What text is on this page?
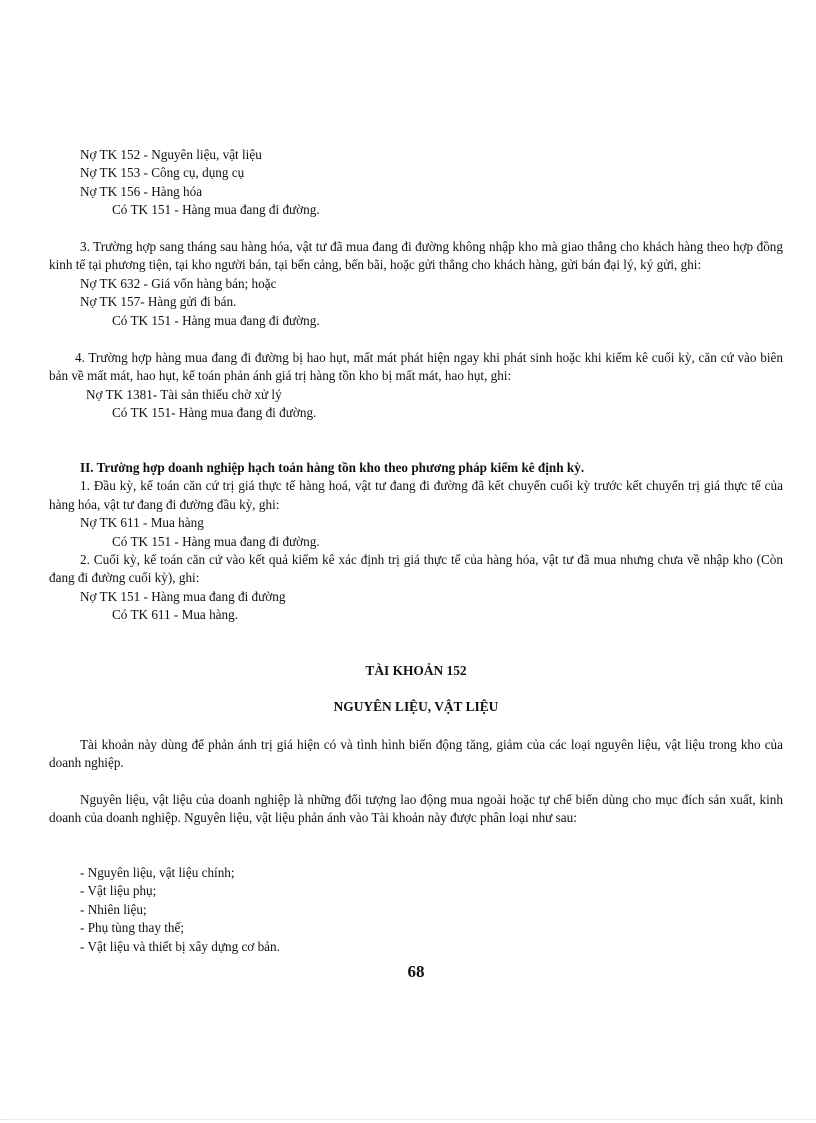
Nợ TK 152 - Nguyên liệu, vật liệu

Nợ TK 153 - Công cụ, dụng cụ

Nợ TK 156 - Hàng hóa

Có TK 151 - Hàng mua đang đi đường.

3. Trường hợp sang tháng sau hàng hóa, vật tư đã mua đang đi đường không nhập kho mà giao thẳng cho khách hàng theo hợp đồng kinh tế tại phương tiện, tại kho người bán, tại bến cảng, bến bãi, hoặc gửi thẳng cho khách hàng, gửi bán đại lý, ký gửi, ghi:

Nợ TK 632 - Giá vốn hàng bán; hoặc

Nợ TK 157- Hàng gửi đi bán.

Có TK 151 - Hàng mua đang đi đường.

4. Trường hợp hàng mua đang đi đường bị hao hụt, mất mát phát hiện ngay khi phát sinh hoặc khi kiểm kê cuối kỳ, căn cứ vào biên bản về mất mát, hao hụt, kế toán phản ánh giá trị hàng tồn kho bị mất mát, hao hụt, ghi:

Nợ TK 1381- Tài sản thiếu chờ xử lý

Có TK 151- Hàng mua đang đi đường.

II. Trường hợp doanh nghiệp hạch toán hàng tồn kho theo phương pháp kiểm kê định kỳ.

1. Đầu kỳ, kế toán căn cứ trị giá thực tế hàng hoá, vật tư đang đi đường đã kết chuyển cuối kỳ trước kết chuyển trị giá thực tế của hàng hóa, vật tư đang đi đường đầu kỳ, ghi:

Nợ TK 611 - Mua hàng

Có TK 151 - Hàng mua đang đi đường.

2. Cuối kỳ, kế toán căn cứ vào kết quả kiểm kê xác định trị giá thực tế của hàng hóa, vật tư đã mua nhưng chưa về nhập kho (Còn đang đi đường cuối kỳ), ghi:

Nợ TK 151 - Hàng mua đang đi đường

Có TK 611 - Mua hàng.

TÀI KHOẢN 152

NGUYÊN LIỆU, VẬT LIỆU

Tài khoản này dùng để phản ánh trị giá hiện có và tình hình biến động tăng, giảm của các loại nguyên liệu, vật liệu trong kho của doanh nghiệp.

Nguyên liệu, vật liệu của doanh nghiệp là những đối tượng lao động mua ngoài hoặc tự chế biến dùng cho mục đích sản xuất, kinh doanh của doanh nghiệp. Nguyên liệu, vật liệu phản ánh vào Tài khoản này được phân loại như sau:

- Nguyên liệu, vật liệu chính;

- Vật liệu phụ;

- Nhiên liệu;

- Phụ tùng thay thế;

- Vật liệu và thiết bị xây dựng cơ bản.

68
